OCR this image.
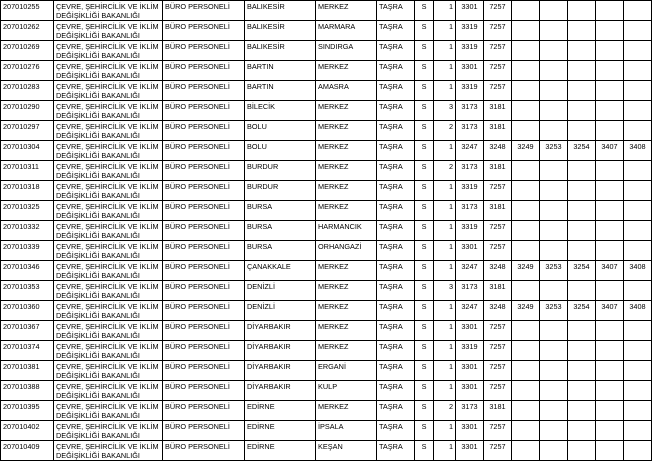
207010255	ÇEVRE, ŞEHİRCİLİK VE İKLİM DEĞİŞİKLİĞİ BAKANLIĞI	BÜRO PERSONELİ	BALIKESİR	MERKEZ	TAŞRA	S	1	3301	7257					
207010262	ÇEVRE, ŞEHİRCİLİK VE İKLİM DEĞİŞİKLİĞİ BAKANLIĞI	BÜRO PERSONELİ	BALIKESİR	MARMARA	TAŞRA	S	1	3319	7257					
207010269	ÇEVRE, ŞEHİRCİLİK VE İKLİM DEĞİŞİKLİĞİ BAKANLIĞI	BÜRO PERSONELİ	BALIKESİR	SINDIRGA	TAŞRA	S	1	3319	7257					
207010276	ÇEVRE, ŞEHİRCİLİK VE İKLİM DEĞİŞİKLİĞİ BAKANLIĞI	BÜRO PERSONELİ	BARTIN	MERKEZ	TAŞRA	S	1	3301	7257					
207010283	ÇEVRE, ŞEHİRCİLİK VE İKLİM DEĞİŞİKLİĞİ BAKANLIĞI	BÜRO PERSONELİ	BARTIN	AMASRA	TAŞRA	S	1	3319	7257					
207010290	ÇEVRE, ŞEHİRCİLİK VE İKLİM DEĞİŞİKLİĞİ BAKANLIĞI	BÜRO PERSONELİ	BİLECİK	MERKEZ	TAŞRA	S	3	3173	3181					
207010297	ÇEVRE, ŞEHİRCİLİK VE İKLİM DEĞİŞİKLİĞİ BAKANLIĞI	BÜRO PERSONELİ	BOLU	MERKEZ	TAŞRA	S	2	3173	3181					
207010304	ÇEVRE, ŞEHİRCİLİK VE İKLİM DEĞİŞİKLİĞİ BAKANLIĞI	BÜRO PERSONELİ	BOLU	MERKEZ	TAŞRA	S	1	3247	3248	3249	3253	3254	3407	3408
207010311	ÇEVRE, ŞEHİRCİLİK VE İKLİM DEĞİŞİKLİĞİ BAKANLIĞI	BÜRO PERSONELİ	BURDUR	MERKEZ	TAŞRA	S	2	3173	3181					
207010318	ÇEVRE, ŞEHİRCİLİK VE İKLİM DEĞİŞİKLİĞİ BAKANLIĞI	BÜRO PERSONELİ	BURDUR	MERKEZ	TAŞRA	S	1	3319	7257					
207010325	ÇEVRE, ŞEHİRCİLİK VE İKLİM DEĞİŞİKLİĞİ BAKANLIĞI	BÜRO PERSONELİ	BURSA	MERKEZ	TAŞRA	S	1	3173	3181					
207010332	ÇEVRE, ŞEHİRCİLİK VE İKLİM DEĞİŞİKLİĞİ BAKANLIĞI	BÜRO PERSONELİ	BURSA	HARMANCIK	TAŞRA	S	1	3319	7257					
207010339	ÇEVRE, ŞEHİRCİLİK VE İKLİM DEĞİŞİKLİĞİ BAKANLIĞI	BÜRO PERSONELİ	BURSA	ORHANGAZİ	TAŞRA	S	1	3301	7257					
207010346	ÇEVRE, ŞEHİRCİLİK VE İKLİM DEĞİŞİKLİĞİ BAKANLIĞI	BÜRO PERSONELİ	ÇANAKKALE	MERKEZ	TAŞRA	S	1	3247	3248	3249	3253	3254	3407	3408
207010353	ÇEVRE, ŞEHİRCİLİK VE İKLİM DEĞİŞİKLİĞİ BAKANLIĞI	BÜRO PERSONELİ	DENİZLİ	MERKEZ	TAŞRA	S	3	3173	3181					
207010360	ÇEVRE, ŞEHİRCİLİK VE İKLİM DEĞİŞİKLİĞİ BAKANLIĞI	BÜRO PERSONELİ	DENİZLİ	MERKEZ	TAŞRA	S	1	3247	3248	3249	3253	3254	3407	3408
207010367	ÇEVRE, ŞEHİRCİLİK VE İKLİM DEĞİŞİKLİĞİ BAKANLIĞI	BÜRO PERSONELİ	DİYARBAKIR	MERKEZ	TAŞRA	S	1	3301	7257					
207010374	ÇEVRE, ŞEHİRCİLİK VE İKLİM DEĞİŞİKLİĞİ BAKANLIĞI	BÜRO PERSONELİ	DİYARBAKIR	MERKEZ	TAŞRA	S	1	3319	7257					
207010381	ÇEVRE, ŞEHİRCİLİK VE İKLİM DEĞİŞİKLİĞİ BAKANLIĞI	BÜRO PERSONELİ	DİYARBAKIR	ERGANİ	TAŞRA	S	1	3301	7257					
207010388	ÇEVRE, ŞEHİRCİLİK VE İKLİM DEĞİŞİKLİĞİ BAKANLIĞI	BÜRO PERSONELİ	DİYARBAKIR	KULP	TAŞRA	S	1	3301	7257					
207010395	ÇEVRE, ŞEHİRCİLİK VE İKLİM DEĞİŞİKLİĞİ BAKANLIĞI	BÜRO PERSONELİ	EDİRNE	MERKEZ	TAŞRA	S	2	3173	3181					
207010402	ÇEVRE, ŞEHİRCİLİK VE İKLİM DEĞİŞİKLİĞİ BAKANLIĞI	BÜRO PERSONELİ	EDİRNE	İPSALA	TAŞRA	S	1	3301	7257					
207010409	ÇEVRE, ŞEHİRCİLİK VE İKLİM DEĞİŞİKLİĞİ BAKANLIĞI	BÜRO PERSONELİ	EDİRNE	KEŞAN	TAŞRA	S	1	3301	7257					
